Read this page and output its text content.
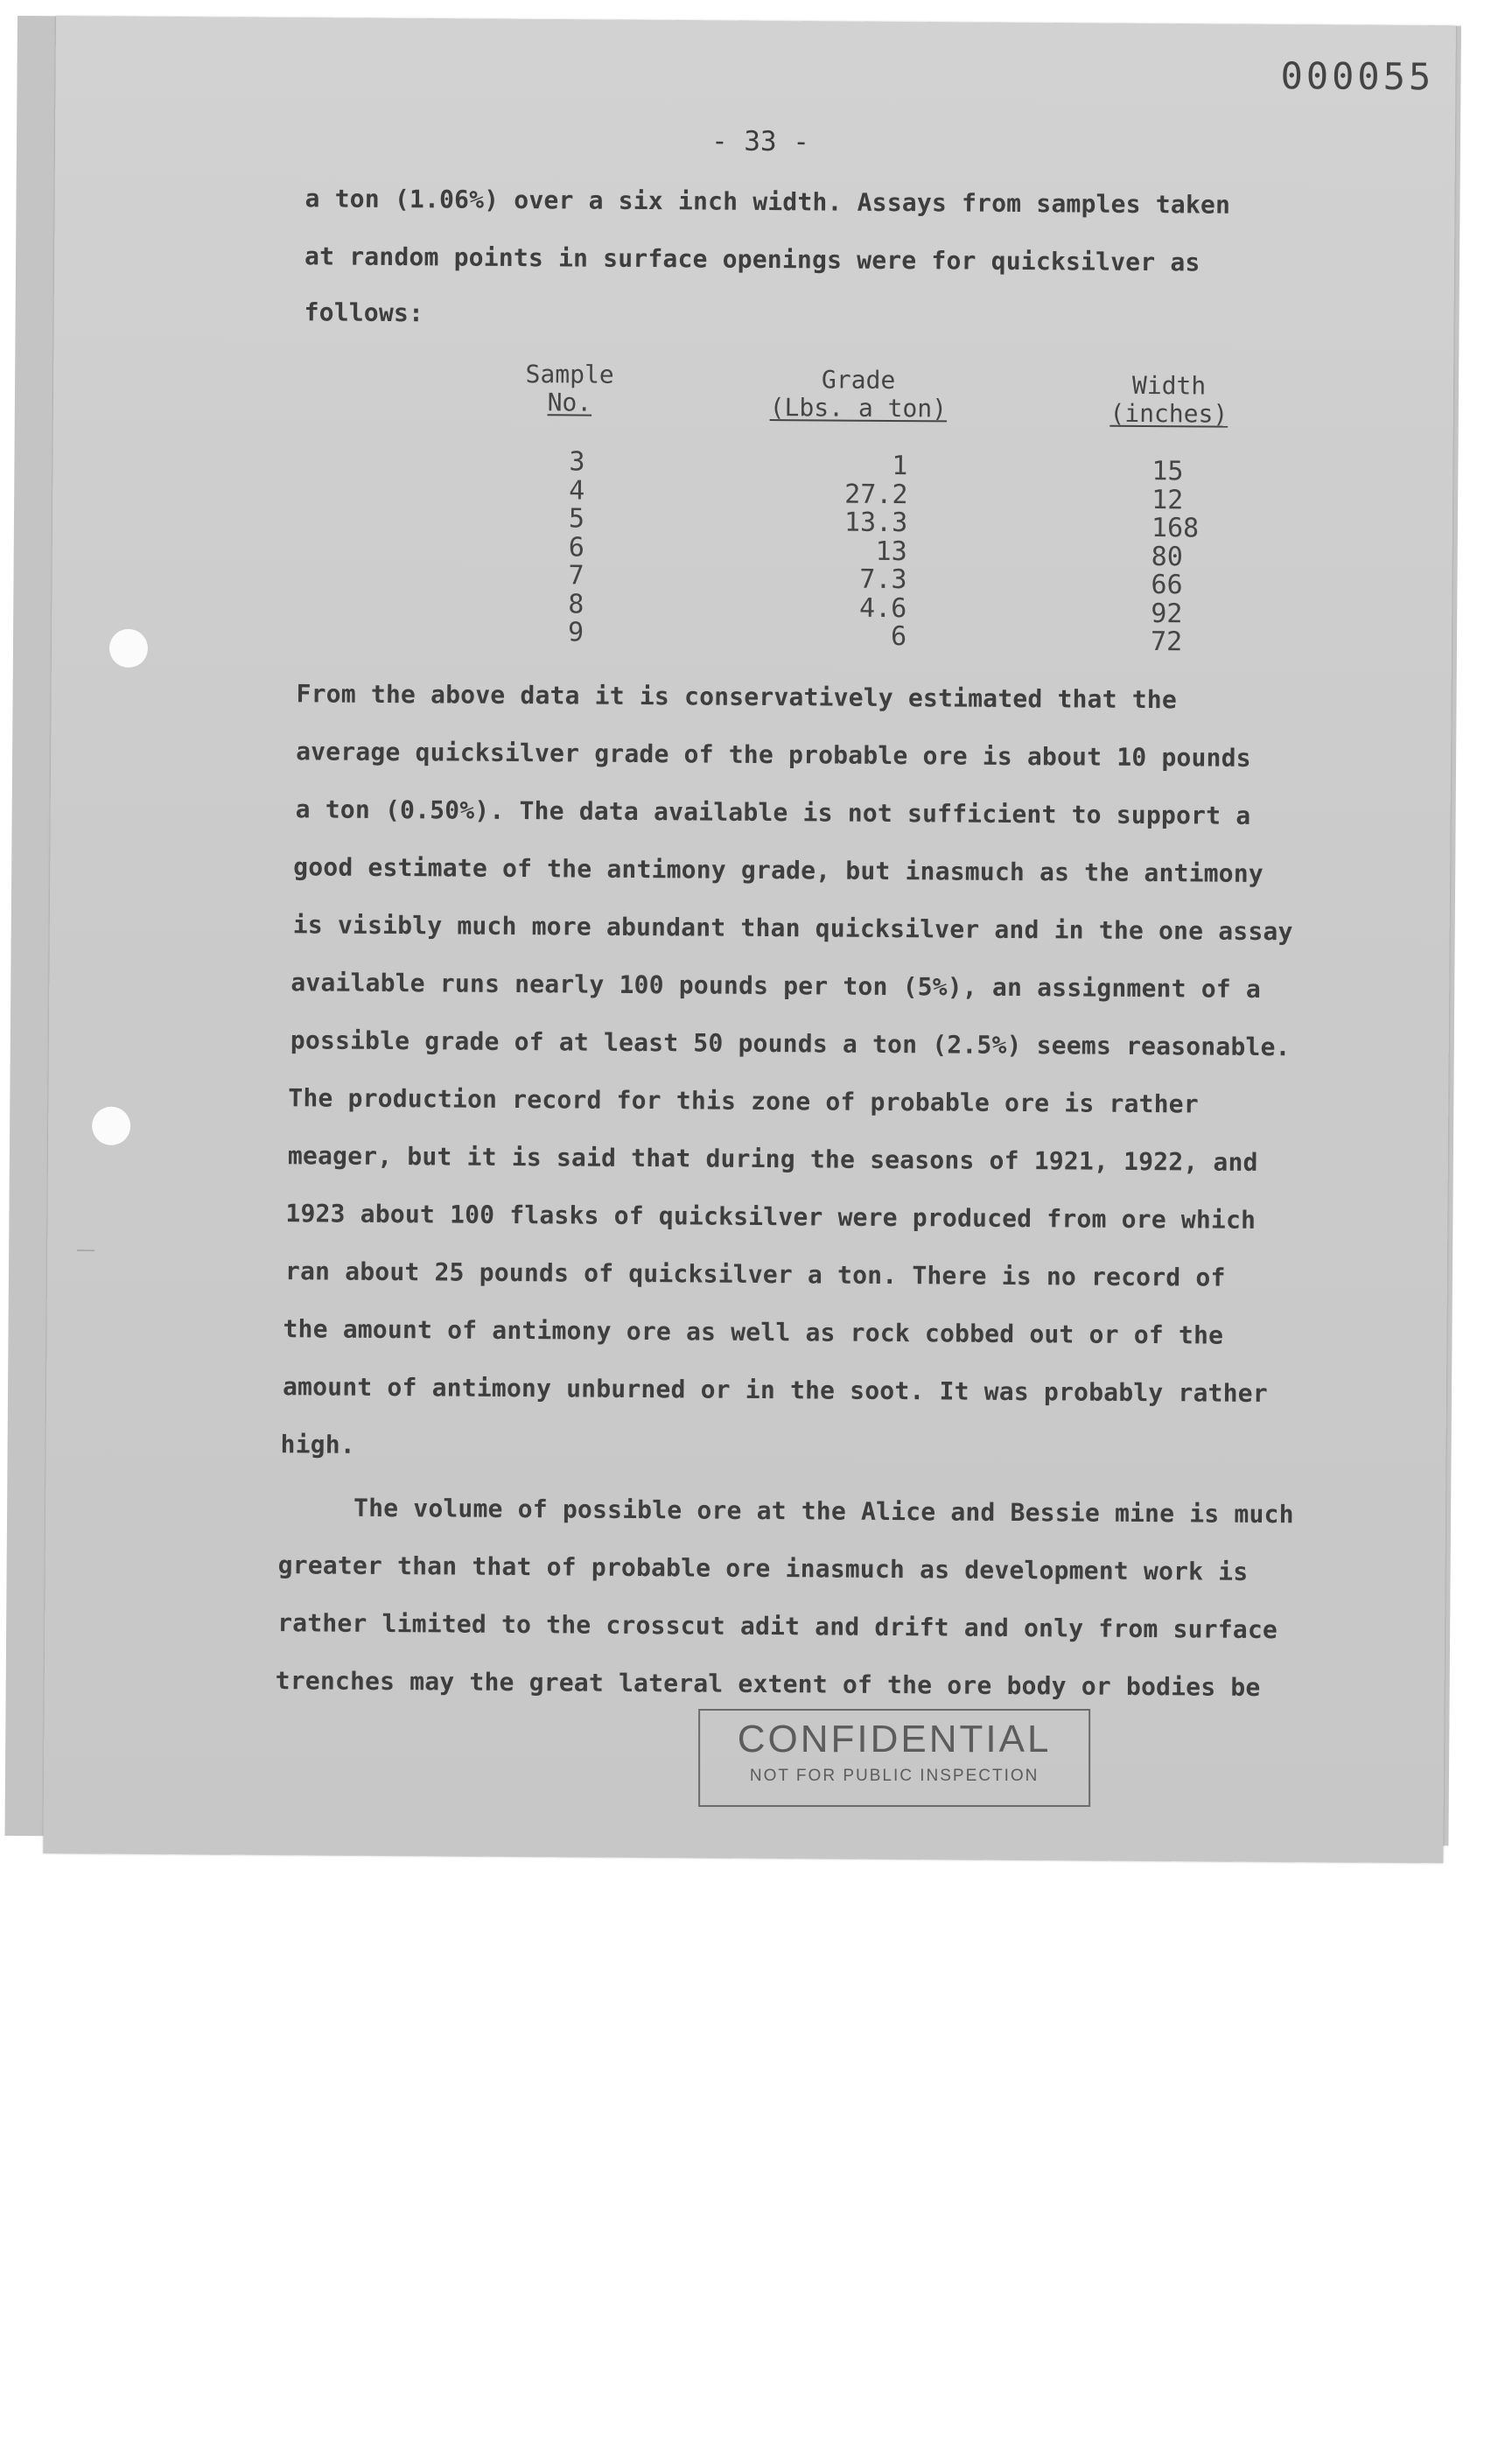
000055
- 33 -
a ton (1.06%) over a six inch width. Assays from samples taken
at random points in surface openings were for quicksilver as
follows:
Sample
No.
Grade
(Lbs. a ton)
Width
(inches)
3
4
5
6
7
8
9
1
27.2
13.3
13
7.3
4.6
6
15
12
168
80
66
92
72
From the above data it is conservatively estimated that the
average quicksilver grade of the probable ore is about 10 pounds
a ton (0.50%). The data available is not sufficient to support a
good estimate of the antimony grade, but inasmuch as the antimony
is visibly much more abundant than quicksilver and in the one assay
available runs nearly 100 pounds per ton (5%), an assignment of a
possible grade of at least 50 pounds a ton (2.5%) seems reasonable.
The production record for this zone of probable ore is rather
meager, but it is said that during the seasons of 1921, 1922, and
1923 about 100 flasks of quicksilver were produced from ore which
ran about 25 pounds of quicksilver a ton. There is no record of
the amount of antimony ore as well as rock cobbed out or of the
amount of antimony unburned or in the soot. It was probably rather
high.
The volume of possible ore at the Alice and Bessie mine is much
greater than that of probable ore inasmuch as development work is
rather limited to the crosscut adit and drift and only from surface
trenches may the great lateral extent of the ore body or bodies be
CONFIDENTIAL
NOT FOR PUBLIC INSPECTION
